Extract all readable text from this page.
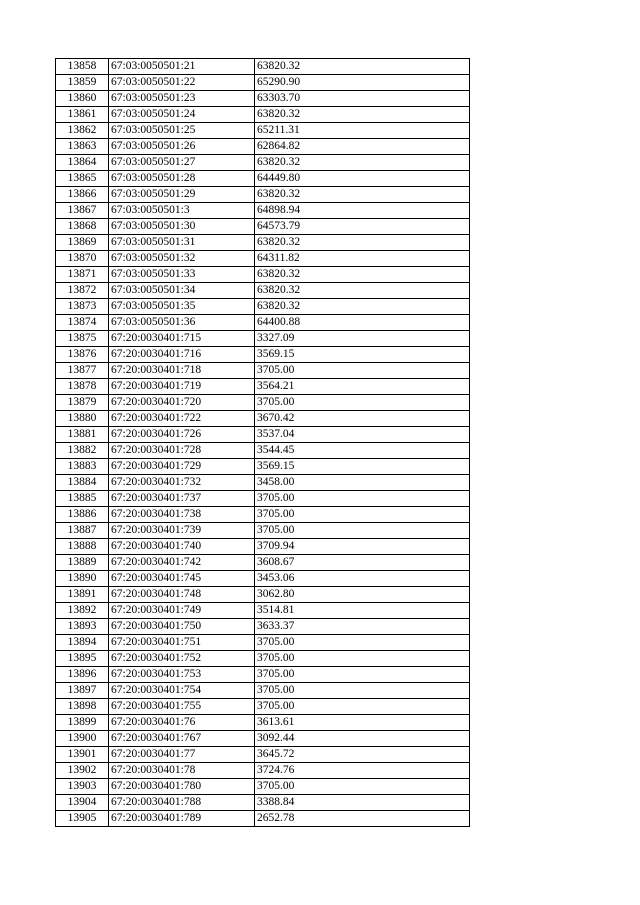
13858	67:03:0050501:21	63820.32
13859	67:03:0050501:22	65290.90
13860	67:03:0050501:23	63303.70
13861	67:03:0050501:24	63820.32
13862	67:03:0050501:25	65211.31
13863	67:03:0050501:26	62864.82
13864	67:03:0050501:27	63820.32
13865	67:03:0050501:28	64449.80
13866	67:03:0050501:29	63820.32
13867	67:03:0050501:3	64898.94
13868	67:03:0050501:30	64573.79
13869	67:03:0050501:31	63820.32
13870	67:03:0050501:32	64311.82
13871	67:03:0050501:33	63820.32
13872	67:03:0050501:34	63820.32
13873	67:03:0050501:35	63820.32
13874	67:03:0050501:36	64400.88
13875	67:20:0030401:715	3327.09
13876	67:20:0030401:716	3569.15
13877	67:20:0030401:718	3705.00
13878	67:20:0030401:719	3564.21
13879	67:20:0030401:720	3705.00
13880	67:20:0030401:722	3670.42
13881	67:20:0030401:726	3537.04
13882	67:20:0030401:728	3544.45
13883	67:20:0030401:729	3569.15
13884	67:20:0030401:732	3458.00
13885	67:20:0030401:737	3705.00
13886	67:20:0030401:738	3705.00
13887	67:20:0030401:739	3705.00
13888	67:20:0030401:740	3709.94
13889	67:20:0030401:742	3608.67
13890	67:20:0030401:745	3453.06
13891	67:20:0030401:748	3062.80
13892	67:20:0030401:749	3514.81
13893	67:20:0030401:750	3633.37
13894	67:20:0030401:751	3705.00
13895	67:20:0030401:752	3705.00
13896	67:20:0030401:753	3705.00
13897	67:20:0030401:754	3705.00
13898	67:20:0030401:755	3705.00
13899	67:20:0030401:76	3613.61
13900	67:20:0030401:767	3092.44
13901	67:20:0030401:77	3645.72
13902	67:20:0030401:78	3724.76
13903	67:20:0030401:780	3705.00
13904	67:20:0030401:788	3388.84
13905	67:20:0030401:789	2652.78
